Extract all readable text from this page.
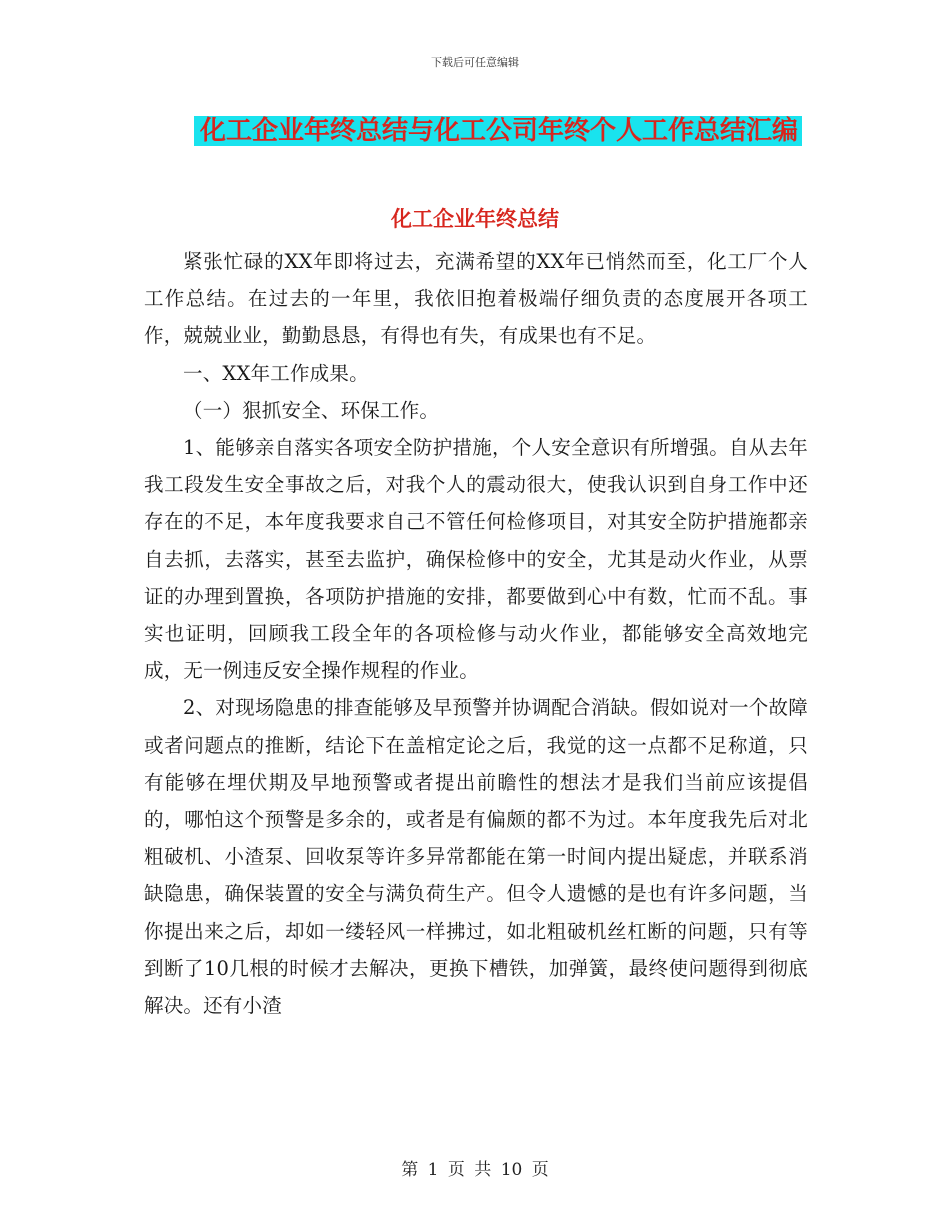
下载后可任意编辑
化工企业年终总结与化工公司年终个人工作总结汇编
化工企业年终总结

紧张忙碌的XX年即将过去，充满希望的XX年已悄然而至，化工厂个人工作总结。在过去的一年里，我依旧抱着极端仔细负责的态度展开各项工作，兢兢业业，勤勤恳恳，有得也有失，有成果也有不足。

一、XX年工作成果。

（一）狠抓安全、环保工作。

1、能够亲自落实各项安全防护措施，个人安全意识有所增强。自从去年我工段发生安全事故之后，对我个人的震动很大，使我认识到自身工作中还存在的不足，本年度我要求自己不管任何检修项目，对其安全防护措施都亲自去抓，去落实，甚至去监护，确保检修中的安全，尤其是动火作业，从票证的办理到置换，各项防护措施的安排，都要做到心中有数，忙而不乱。事实也证明，回顾我工段全年的各项检修与动火作业，都能够安全高效地完成，无一例违反安全操作规程的作业。

2、对现场隐患的排查能够及早预警并协调配合消缺。假如说对一个故障或者问题点的推断，结论下在盖棺定论之后，我觉的这一点都不足称道，只有能够在埋伏期及早地预警或者提出前瞻性的想法才是我们当前应该提倡的，哪怕这个预警是多余的，或者是有偏颇的都不为过。本年度我先后对北粗破机、小渣泵、回收泵等许多异常都能在第一时间内提出疑虑，并联系消缺隐患，确保装置的安全与满负荷生产。但令人遗憾的是也有许多问题，当你提出来之后，却如一缕轻风一样拂过，如北粗破机丝杠断的问题，只有等到断了10几根的时候才去解决，更换下槽铁，加弹簧，最终使问题得到彻底解决。还有小渣

第 1 页 共 10 页
